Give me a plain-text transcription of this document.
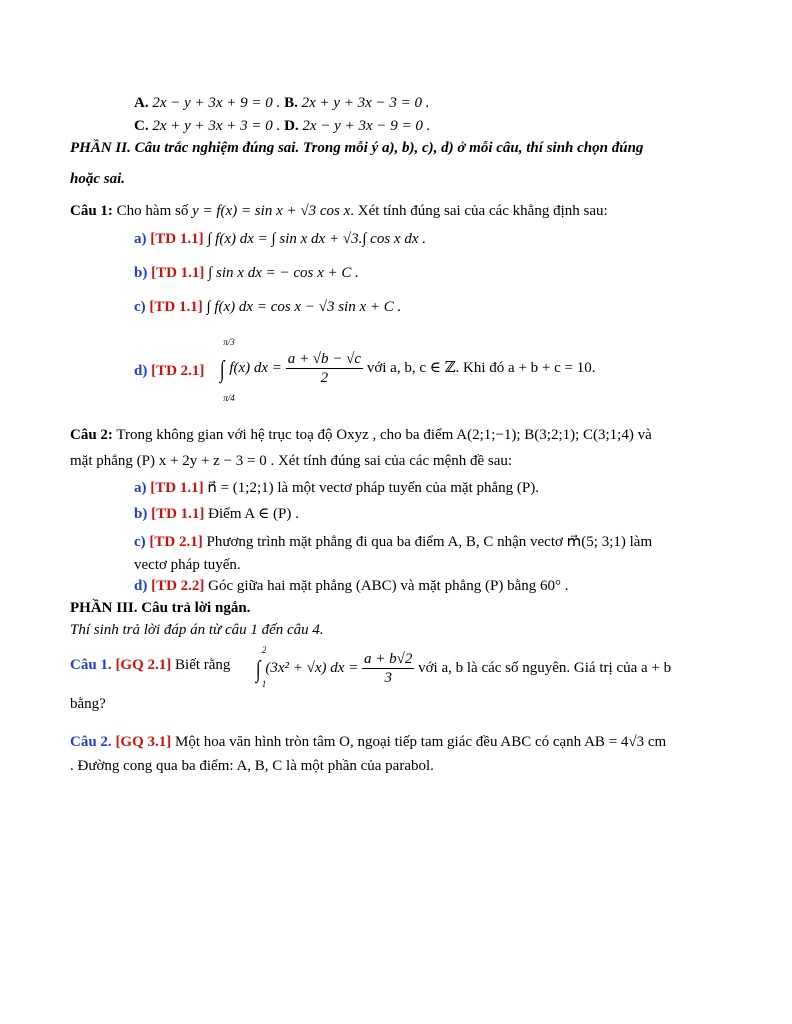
A. 2x − y + 3x + 9 = 0 . B. 2x + y + 3x − 3 = 0 .
C. 2x + y + 3x + 3 = 0 . D. 2x − y + 3x − 9 = 0 .
PHẦN II. Câu trắc nghiệm đúng sai. Trong mỗi ý a), b), c), d) ở mỗi câu, thí sinh chọn đúng
hoặc sai.
Câu 1: Cho hàm số y = f(x) = sin x + √3 cos x. Xét tính đúng sai của các khẳng định sau:
a) [TD 1.1] ∫ f(x) dx = ∫ sin x dx + √3.∫ cos x dx .
b) [TD 1.1] ∫ sin x dx = − cos x + C .
c) [TD 1.1] ∫ f(x) dx = cos x − √3 sin x + C .
π/3
π/4
d) [TD 2.1] ∫ f(x) dx = $\frac{a + √b - √c}{2}$ với a, b, c ∈ ℤ. Khi đó a + b + c = 10.
Câu 2: Trong không gian với hệ trục toạ độ Oxyz , cho ba điểm A(2;1;−1); B(3;2;1); C(3;1;4) và
mặt phẳng (P) x + 2y + z − 3 = 0 . Xét tính đúng sai của các mệnh đề sau:
a) [TD 1.1] n⃗ = (1;2;1) là một vectơ pháp tuyến của mặt phẳng (P).
b) [TD 1.1] Điểm A ∈ (P) .
c) [TD 2.1] Phương trình mặt phẳng đi qua ba điểm A, B, C nhận vectơ m⃗(5; 3;1) làm
vectơ pháp tuyến.
d) [TD 2.2] Góc giữa hai mặt phẳng (ABC) và mặt phẳng (P) bằng 60° .
PHẦN III. Câu trả lời ngắn.
Thí sinh trả lời đáp án từ câu 1 đến câu 4.
2
1
Câu 1. [GQ 2.1] Biết rằng ∫ (3x² + √x) dx = $\frac{a + b√2}{3}$ với a, b là các số nguyên. Giá trị của a + b
bằng?
Câu 2. [GQ 3.1] Một hoa văn hình tròn tâm O, ngoại tiếp tam giác đều ABC có cạnh AB = 4√3 cm
. Đường cong qua ba điểm: A, B, C là một phần của parabol.
